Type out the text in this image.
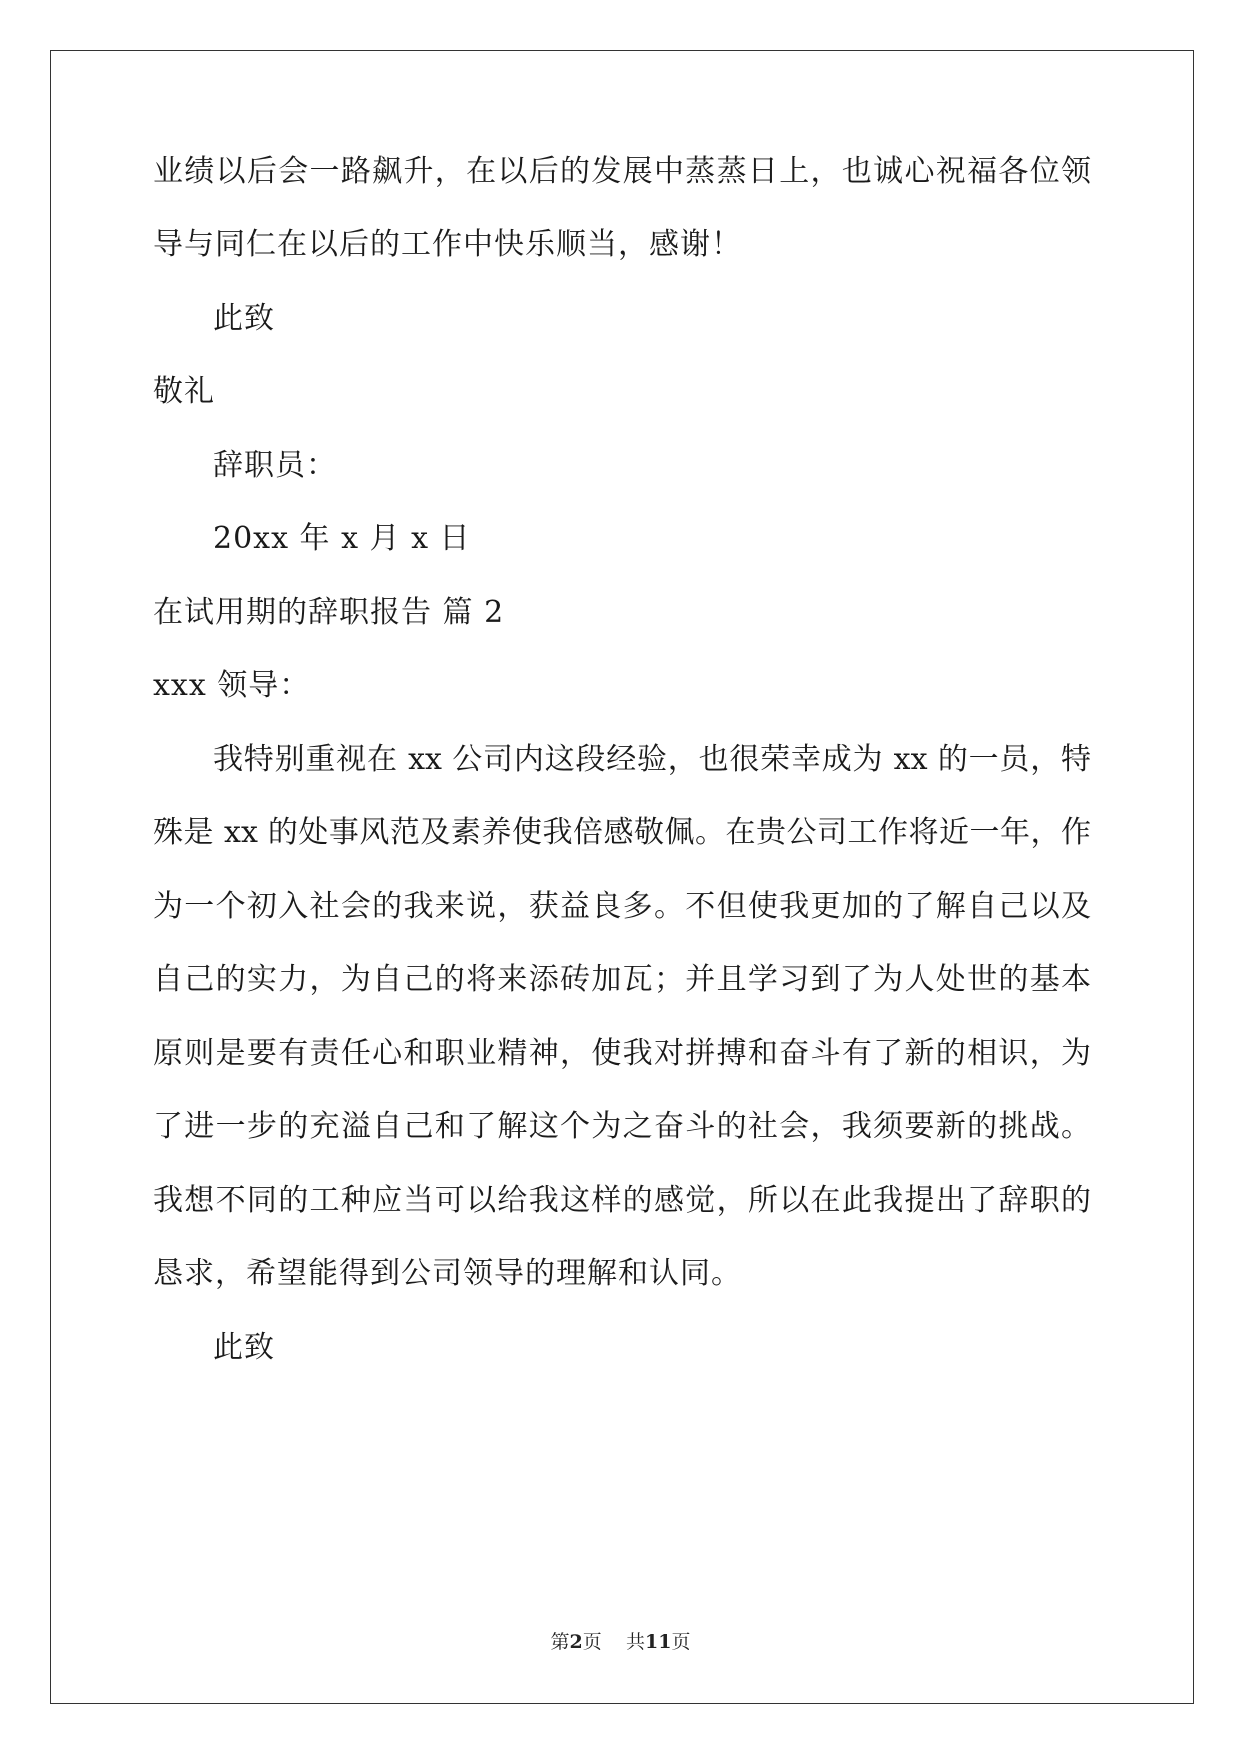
业绩以后会一路飙升，在以后的发展中蒸蒸日上，也诚心祝福各位领
导与同仁在以后的工作中快乐顺当，感谢！
此致
敬礼
辞职员：
20xx 年 x 月 x 日
在试用期的辞职报告 篇 2
xxx 领导：
我特别重视在 xx 公司内这段经验，也很荣幸成为 xx 的一员，特
殊是 xx 的处事风范及素养使我倍感敬佩。在贵公司工作将近一年，作
为一个初入社会的我来说，获益良多。不但使我更加的了解自己以及
自己的实力，为自己的将来添砖加瓦；并且学习到了为人处世的基本
原则是要有责任心和职业精神，使我对拼搏和奋斗有了新的相识，为
了进一步的充溢自己和了解这个为之奋斗的社会，我须要新的挑战。
我想不同的工种应当可以给我这样的感觉，所以在此我提出了辞职的
恳求，希望能得到公司领导的理解和认同。
此致
第2页 共11页
